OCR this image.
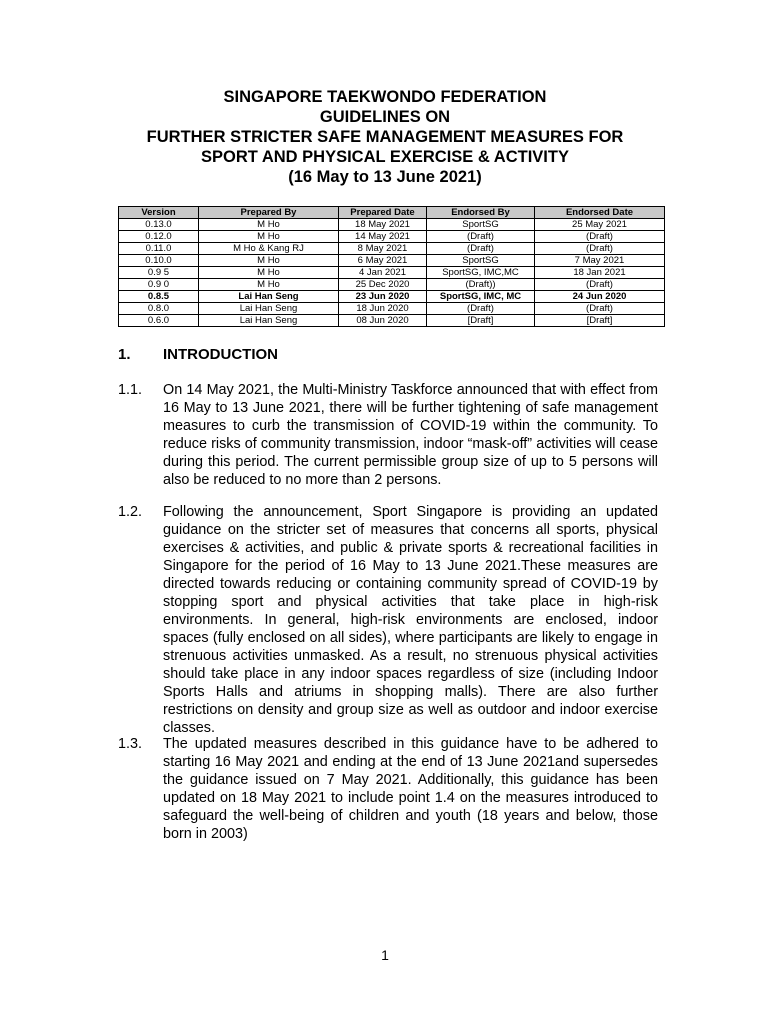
SINGAPORE TAEKWONDO FEDERATION
GUIDELINES ON
FURTHER STRICTER SAFE MANAGEMENT MEASURES FOR
SPORT AND PHYSICAL EXERCISE & ACTIVITY
(16 May to 13 June 2021)
Version	Prepared By	Prepared Date	Endorsed By	Endorsed Date
0.13.0	M Ho	18 May 2021	SportSG	25 May 2021
0.12.0	M Ho	14 May 2021	(Draft)	(Draft)
0.11.0	M Ho & Kang RJ	8 May 2021	(Draft)	(Draft)
0.10.0	M Ho	6 May 2021	SportSG	7 May 2021
0.9 5	M Ho	4 Jan 2021	SportSG, IMC,MC	18 Jan 2021
0.9 0	M Ho	25 Dec 2020	(Draft))	(Draft)
0.8.5	Lai Han Seng	23 Jun 2020	SportSG, IMC, MC	24 Jun 2020
0.8.0	Lai Han Seng	18 Jun 2020	(Draft)	(Draft)
0.6.0	Lai Han Seng	08 Jun 2020	[Draft]	[Draft]
1. INTRODUCTION
1.1. On 14 May 2021, the Multi-Ministry Taskforce announced that with effect from 16 May to 13 June 2021, there will be further tightening of safe management measures to curb the transmission of COVID-19 within the community. To reduce risks of community transmission, indoor “mask-off” activities will cease during this period. The current permissible group size of up to 5 persons will also be reduced to no more than 2 persons.
1.2. Following the announcement, Sport Singapore is providing an updated guidance on the stricter set of measures that concerns all sports, physical exercises & activities, and public & private sports & recreational facilities in Singapore for the period of 16 May to 13 June 2021.These measures are directed towards reducing or containing community spread of COVID-19 by stopping sport and physical activities that take place in high-risk environments. In general, high-risk environments are enclosed, indoor spaces (fully enclosed on all sides), where participants are likely to engage in strenuous activities unmasked. As a result, no strenuous physical activities should take place in any indoor spaces regardless of size (including Indoor Sports Halls and atriums in shopping malls). There are also further restrictions on density and group size as well as outdoor and indoor exercise classes.
1.3. The updated measures described in this guidance have to be adhered to starting 16 May 2021 and ending at the end of 13 June 2021and supersedes the guidance issued on 7 May 2021. Additionally, this guidance has been updated on 18 May 2021 to include point 1.4 on the measures introduced to safeguard the well-being of children and youth (18 years and below, those born in 2003)
1
